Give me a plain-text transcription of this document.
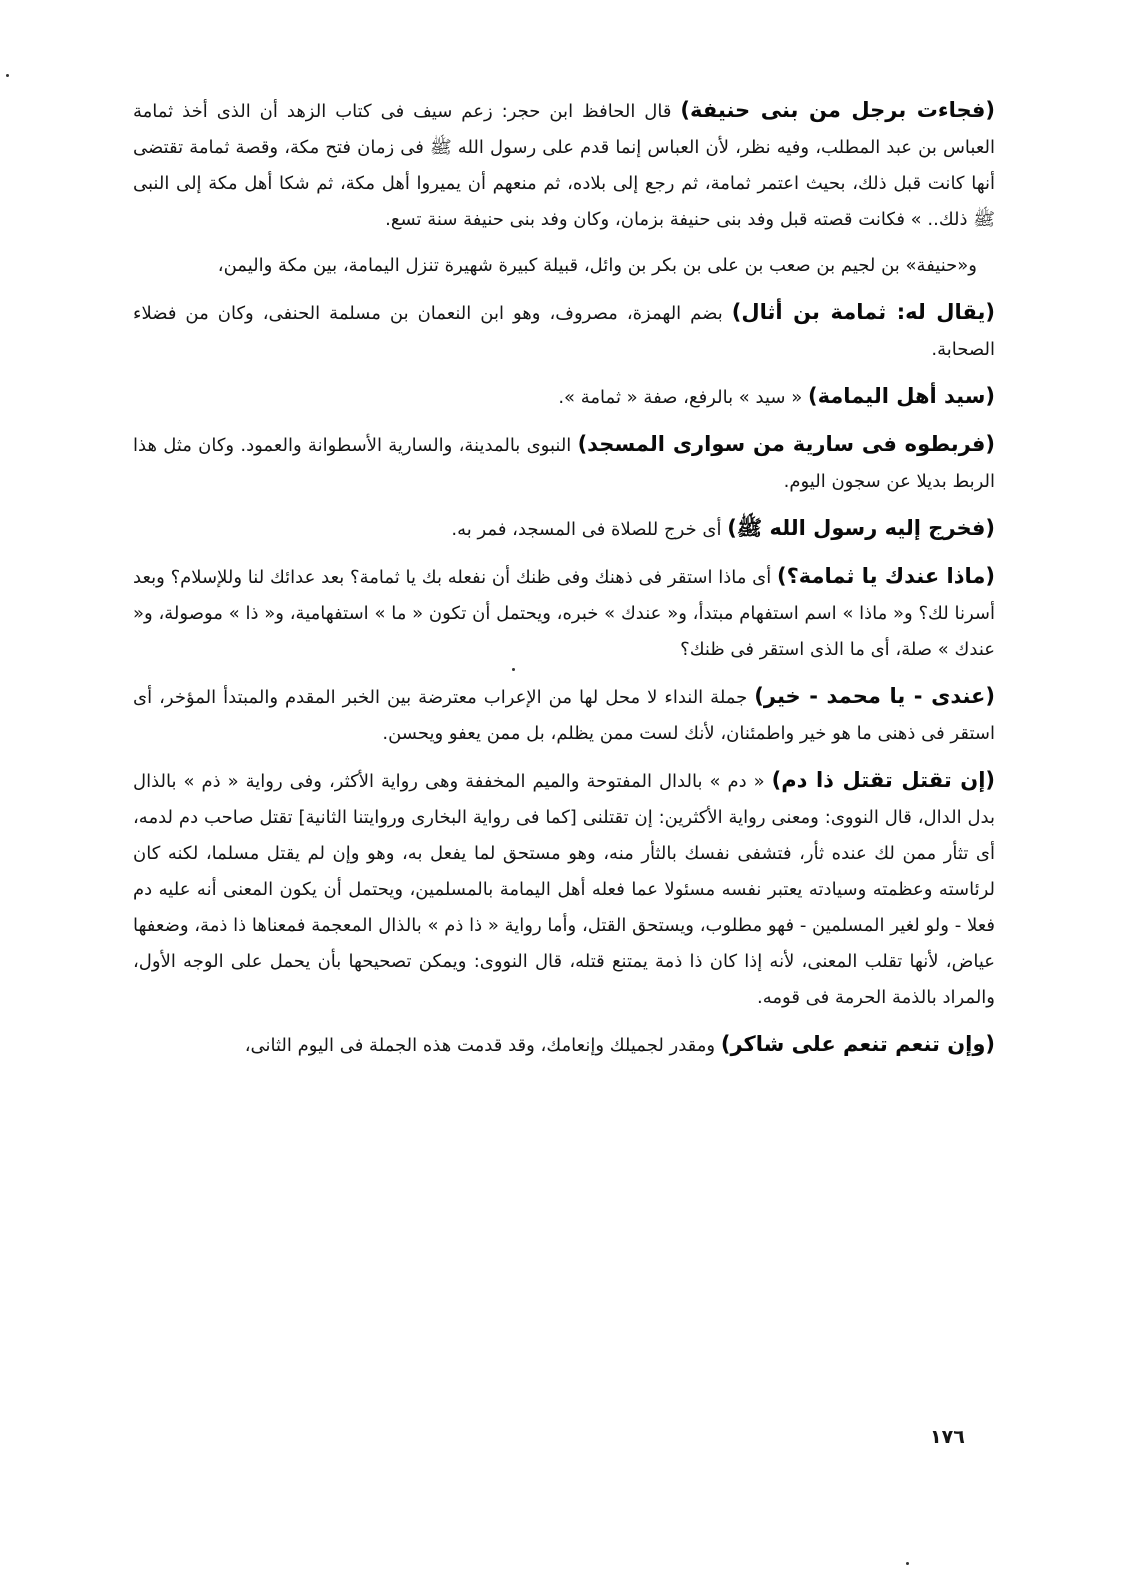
(فجاءت برجل من بنى حنيفة) قال الحافظ ابن حجر: زعم سيف فى كتاب الزهد أن الذى أخذ ثمامة العباس بن عبد المطلب، وفيه نظر، لأن العباس إنما قدم على رسول الله ﷺ فى زمان فتح مكة، وقصة ثمامة تقتضى أنها كانت قبل ذلك، بحيث اعتمر ثمامة، ثم رجع إلى بلاده، ثم منعهم أن يميروا أهل مكة، ثم شكا أهل مكة إلى النبى ﷺ ذلك.. » فكانت قصته قبل وفد بنى حنيفة بزمان، وكان وفد بنى حنيفة سنة تسع.

و«حنيفة» بن لجيم بن صعب بن على بن بكر بن وائل، قبيلة كبيرة شهيرة تنزل اليمامة، بين مكة واليمن،

(يقال له: ثمامة بن أثال) بضم الهمزة، مصروف، وهو ابن النعمان بن مسلمة الحنفى، وكان من فضلاء الصحابة.

(سيد أهل اليمامة) « سيد » بالرفع، صفة « ثمامة ».

(فربطوه فى سارية من سوارى المسجد) النبوى بالمدينة، والسارية الأسطوانة والعمود. وكان مثل هذا الربط بديلا عن سجون اليوم.

(فخرج إليه رسول الله ﷺ) أى خرج للصلاة فى المسجد، فمر به.

(ماذا عندك يا ثمامة؟) أى ماذا استقر فى ذهنك وفى ظنك أن نفعله بك يا ثمامة؟ بعد عدائك لنا وللإسلام؟ وبعد أسرنا لك؟ و« ماذا » اسم استفهام مبتدأ، و« عندك » خبره، ويحتمل أن تكون « ما » استفهامية، و« ذا » موصولة، و« عندك » صلة، أى ما الذى استقر فى ظنك؟

(عندى - يا محمد - خير) جملة النداء لا محل لها من الإعراب معترضة بين الخبر المقدم والمبتدأ المؤخر، أى استقر فى ذهنى ما هو خير واطمئنان، لأنك لست ممن يظلم، بل ممن يعفو ويحسن.

(إن تقتل تقتل ذا دم) « دم » بالدال المفتوحة والميم المخففة وهى رواية الأكثر، وفى رواية « ذم » بالذال بدل الدال، قال النووى: ومعنى رواية الأكثرين: إن تقتلنى [كما فى رواية البخارى وروايتنا الثانية] تقتل صاحب دم لدمه، أى تثأر ممن لك عنده ثأر، فتشفى نفسك بالثأر منه، وهو مستحق لما يفعل به، وهو وإن لم يقتل مسلما، لكنه كان لرئاسته وعظمته وسيادته يعتبر نفسه مسئولا عما فعله أهل اليمامة بالمسلمين، ويحتمل أن يكون المعنى أنه عليه دم فعلا - ولو لغير المسلمين - فهو مطلوب، ويستحق القتل، وأما رواية « ذا ذم » بالذال المعجمة فمعناها ذا ذمة، وضعفها عياض، لأنها تقلب المعنى، لأنه إذا كان ذا ذمة يمتنع قتله، قال النووى: ويمكن تصحيحها بأن يحمل على الوجه الأول، والمراد بالذمة الحرمة فى قومه.

(وإن تنعم تنعم على شاكر) ومقدر لجميلك وإنعامك، وقد قدمت هذه الجملة فى اليوم الثانى،

١٧٦
